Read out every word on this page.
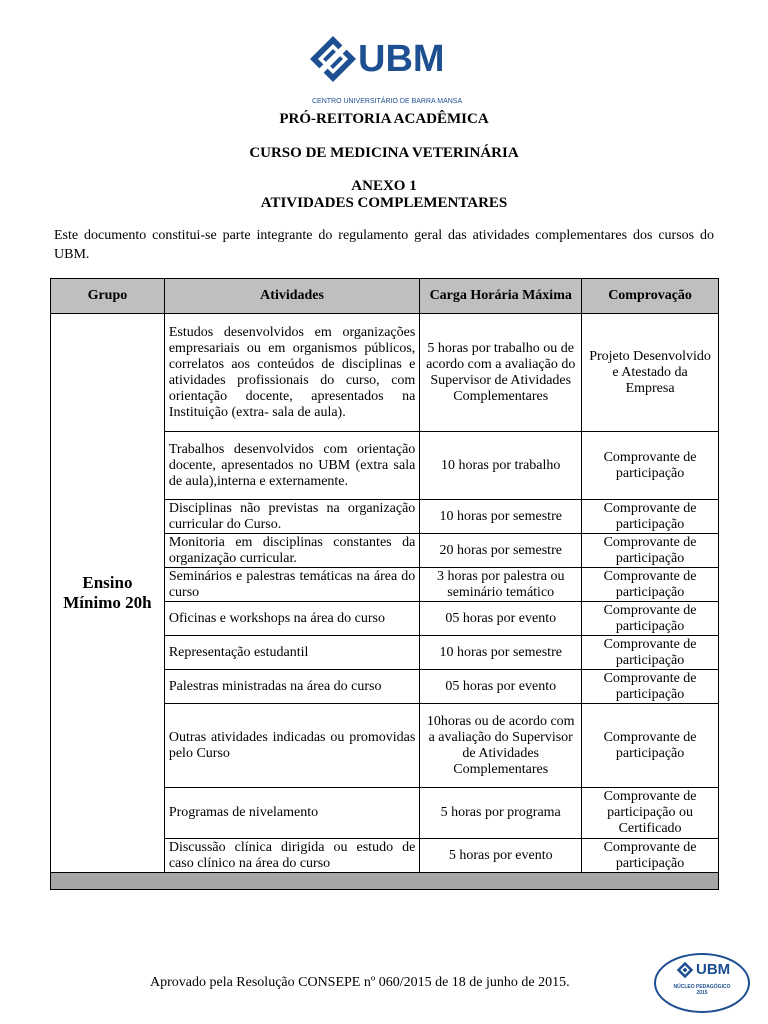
UBM
CENTRO UNIVERSITÁRIO DE BARRA MANSA
PRÓ-REITORIA ACADÊMICA
CURSO DE MEDICINA VETERINÁRIA
ANEXO 1
ATIVIDADES COMPLEMENTARES
Este documento constitui-se parte integrante do regulamento geral das atividades complementares dos cursos do UBM.
Grupo	Atividades	Carga Horária Máxima	Comprovação
Ensino
Mínimo 20h	Estudos desenvolvidos em organizações empresariais ou em organismos públicos, correlatos aos conteúdos de disciplinas e atividades profissionais do curso, com orientação docente, apresentados na Instituição (extra- sala de aula).	5 horas por trabalho ou de acordo com a avaliação do Supervisor de Atividades Complementares	Projeto Desenvolvido e Atestado da Empresa
	Trabalhos desenvolvidos com orientação docente, apresentados no UBM (extra sala de aula),interna e externamente.	10 horas por trabalho	Comprovante de participação
	Disciplinas não previstas na organização curricular do Curso.	10 horas por semestre	Comprovante de participação
	Monitoria em disciplinas constantes da organização curricular.	20 horas por semestre	Comprovante de participação
	Seminários e palestras temáticas na área do curso	3 horas por palestra ou seminário temático	Comprovante de participação
	Oficinas e workshops na área do curso	05 horas por evento	Comprovante de participação
	Representação estudantil	10 horas por semestre	Comprovante de participação
	Palestras ministradas na área do curso	05 horas por evento	Comprovante de participação
	Outras atividades indicadas ou promovidas pelo Curso	10horas ou de acordo com a avaliação do Supervisor de Atividades Complementares	Comprovante de participação
	Programas de nivelamento	5 horas por programa	Comprovante de participação ou Certificado
	Discussão clínica dirigida ou estudo de caso clínico na área do curso	5 horas por evento	Comprovante de participação

Aprovado pela Resolução CONSEPE nº 060/2015 de 18 de junho de 2015.
UBM
NÚCLEO PEDAGÓGICO
2015
